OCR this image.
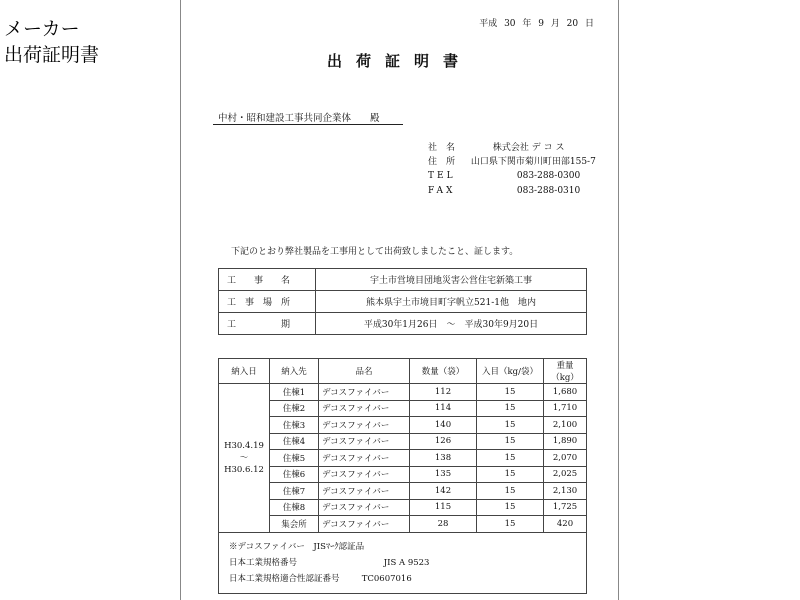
メーカー
出荷証明書
平成 30 年 9 月 20 日
出荷証明書
中村・昭和建設工事共同企業体　　殿
社　名	株式会社 デ コ ス
住　所 山口県下関市菊川町田部155-7
TEL	083-288-0300
FAX	083-288-0310
下記のとおり弊社製品を工事用として出荷致しましたこと、証します。
工　　事　　名	宇土市営境目団地災害公営住宅新築工事
工　事　場　所	熊本県宇土市境目町字帆立521-1他　地内
工　　　　　期	平成30年1月26日　～　平成30年9月20日
納入日	納入先	品名	数量（袋）	入目（kg/袋）	重量（kg）
H30.4.19
～
H30.6.12	住棟1	デコスファイバー	112	15	1,680
	住棟2	デコスファイバー	114	15	1,710
	住棟3	デコスファイバー	140	15	2,100
	住棟4	デコスファイバー	126	15	1,890
	住棟5	デコスファイバー	138	15	2,070
	住棟6	デコスファイバー	135	15	2,025
	住棟7	デコスファイバー	142	15	2,130
	住棟8	デコスファイバー	115	15	1,725
	集会所	デコスファイバー	28	15	420

※デコスファイバー　JISﾏｰｸ認証品
日本工業規格番号 JIS A 9523
日本工業規格適合性認証番号 TC0607016					
